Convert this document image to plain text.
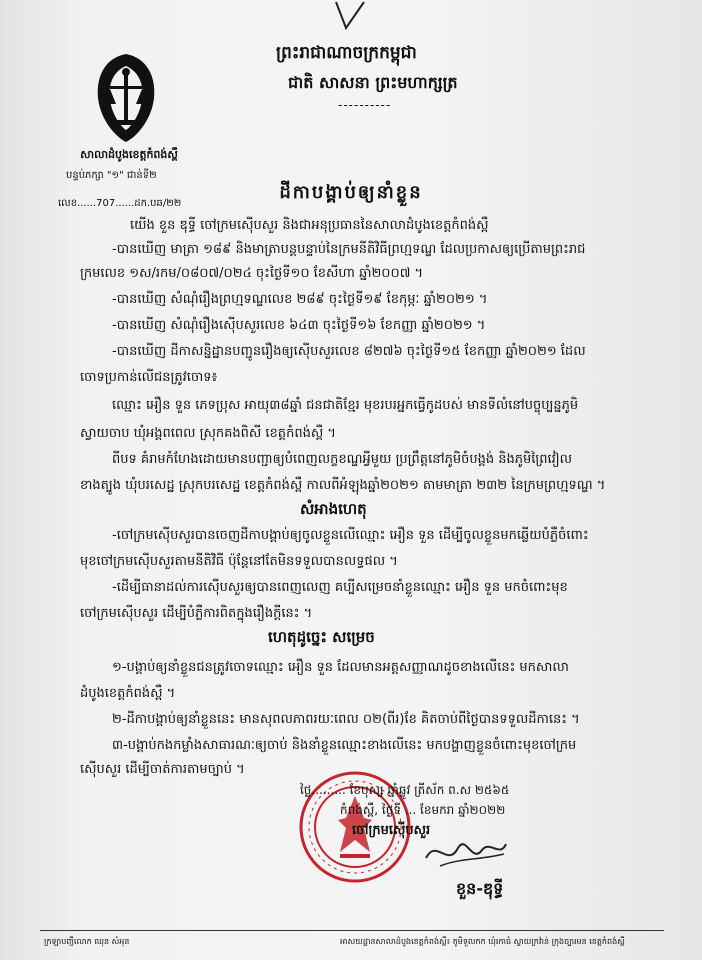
សាលាដំបូងខេត្តកំពង់ស្ពឺ
បន្ទប់ភក្សា "១" ជាន់ទី២
លេខ......707......ដក.បឆ/២២
ព្រះរាជាណាចក្រកម្ពុជា
ជាតិ សាសនា ព្រះមហាក្សត្រ
----------
ដីកាបង្គាប់ឲ្យនាំខ្លួន
យើង ខួន ឌុទ្ធី ចៅក្រមស៊ើបសួរ និងជាអនុប្រធាននៃសាលាដំបូងខេត្តកំពង់ស្ពឺ
-បានឃើញ មាត្រា ១៨៩ និងមាត្រាបន្តបន្ទាប់នៃក្រមនីតិវិធីព្រហ្មទណ្ឌ ដែលប្រកាសឲ្យប្រើតាមព្រះរាជ
ក្រមលេខ ១ស/រកម/០៨០៧/០២៤ ចុះថ្ងៃទី១០ ខែសីហា ឆ្នាំ២០០៧ ។
-បានឃើញ សំណុំរឿងព្រហ្មទណ្ឌលេខ ២៨៩ ចុះថ្ងៃទី១៩ ខែកុម្ភៈ ឆ្នាំ២០២១ ។
-បានឃើញ សំណុំរឿងស៊ើបសួរលេខ ៦៤៣ ចុះថ្ងៃទី១៦ ខែកញ្ញា ឆ្នាំ២០២១ ។
-បានឃើញ ដីកាសន្និដ្ឋានបញ្ជូនរឿងឲ្យស៊ើបសួរលេខ ៨២៧៦ ចុះថ្ងៃទី១៥ ខែកញ្ញា ឆ្នាំ២០២១ ដែល
ចោទប្រកាន់លើជនត្រូវចោទ៖
ឈ្មោះ អឿន ទួន ភេទប្រុស អាយុ៣៨ឆ្នាំ ជនជាតិខ្មែរ មុខរបរអ្នកធ្វើកូដបស់ មានទីលំនៅបច្ចុប្បន្នភូមិ
ស្វាយចាប ឃុំអង្គពពេល ស្រុកគងពិសី ខេត្តកំពង់ស្ពឺ ។
ពីបទ គំរាមកំហែងដោយមានបញ្ជាឲ្យបំពេញលក្ខខណ្ឌអ្វីមួយ ប្រព្រឹត្តនៅភូមិចំបង្គង់ និងភូមិព្រៃវៀល
ខាងត្បូង ឃុំបរសេដ្ឋ ស្រុកបរសេដ្ឋ ខេត្តកំពង់ស្ពឺ កាលពីអំឡុងឆ្នាំ២០២១ តាមមាត្រា ២៣២ នៃក្រមព្រហ្មទណ្ឌ ។
សំអាងហេតុ
-ចៅក្រមស៊ើបសួរបានចេញដីកាបង្គាប់ឲ្យចូលខ្លួនលើឈ្មោះ អឿន ទួន ដើម្បីចូលខ្លួនមកឆ្លើយបំភ្លឺចំពោះ
មុខចៅក្រមស៊ើបសួរតាមនីតិវិធី ប៉ុន្តែនៅតែមិនទទួលបានលទ្ធផល ។
-ដើម្បីធានាដល់ការស៊ើបសួរឲ្យបានពេញលេញ គប្បីសម្រេចនាំខ្លួនឈ្មោះ អឿន ទួន មកចំពោះមុខ
ចៅក្រមស៊ើបសួរ ដើម្បីបំភ្លឺការពិតក្នុងរឿងក្តីនេះ ។
ហេតុដូច្នេះ សម្រេច
១-បង្គាប់ឲ្យនាំខ្លួនជនត្រូវចោទឈ្មោះ អឿន ទួន ដែលមានអត្តសញ្ញាណដូចខាងលើនេះ មកសាលា
ដំបូងខេត្តកំពង់ស្ពឺ ។
២-ដីកាបង្គាប់ឲ្យនាំខ្លួននេះ មានសុពលភាពរយៈពេល ០២(ពីរ)ខែ គិតចាប់ពីថ្ងៃបានទទួលដីកានេះ ។
៣-បង្គាប់កងកម្លាំងសាធារណៈឲ្យចាប់ និងនាំខ្លួនឈ្មោះខាងលើនេះ មកបង្ហាញខ្លួនចំពោះមុខចៅក្រម
ស៊ើបសួរ ដើម្បីចាត់ការតាមច្បាប់ ។
ថ្ងៃ......... ខែបុស្ស ឆ្នាំឆ្លូវ ត្រីស័ក ព.ស ២៥៦៥
កំពង់ស្ពឺ, ថ្ងៃទី ... ខែមករា ឆ្នាំ២០២២
ចៅក្រមស៊ើបសួរ
ខួន-ឌុទ្ធី
ក្រឡាបញ្ជីលោក ឈុន សំអុន	អាសយដ្ឋានសាលាដំបូងខេត្តកំពង់ស្ពឺ៖ ភូមិទួលកក ឃុំរកាធំ ស្វាយក្រវ៉ាន់ ក្រុងច្បារមន ខេត្តកំពង់ស្ពឺ
